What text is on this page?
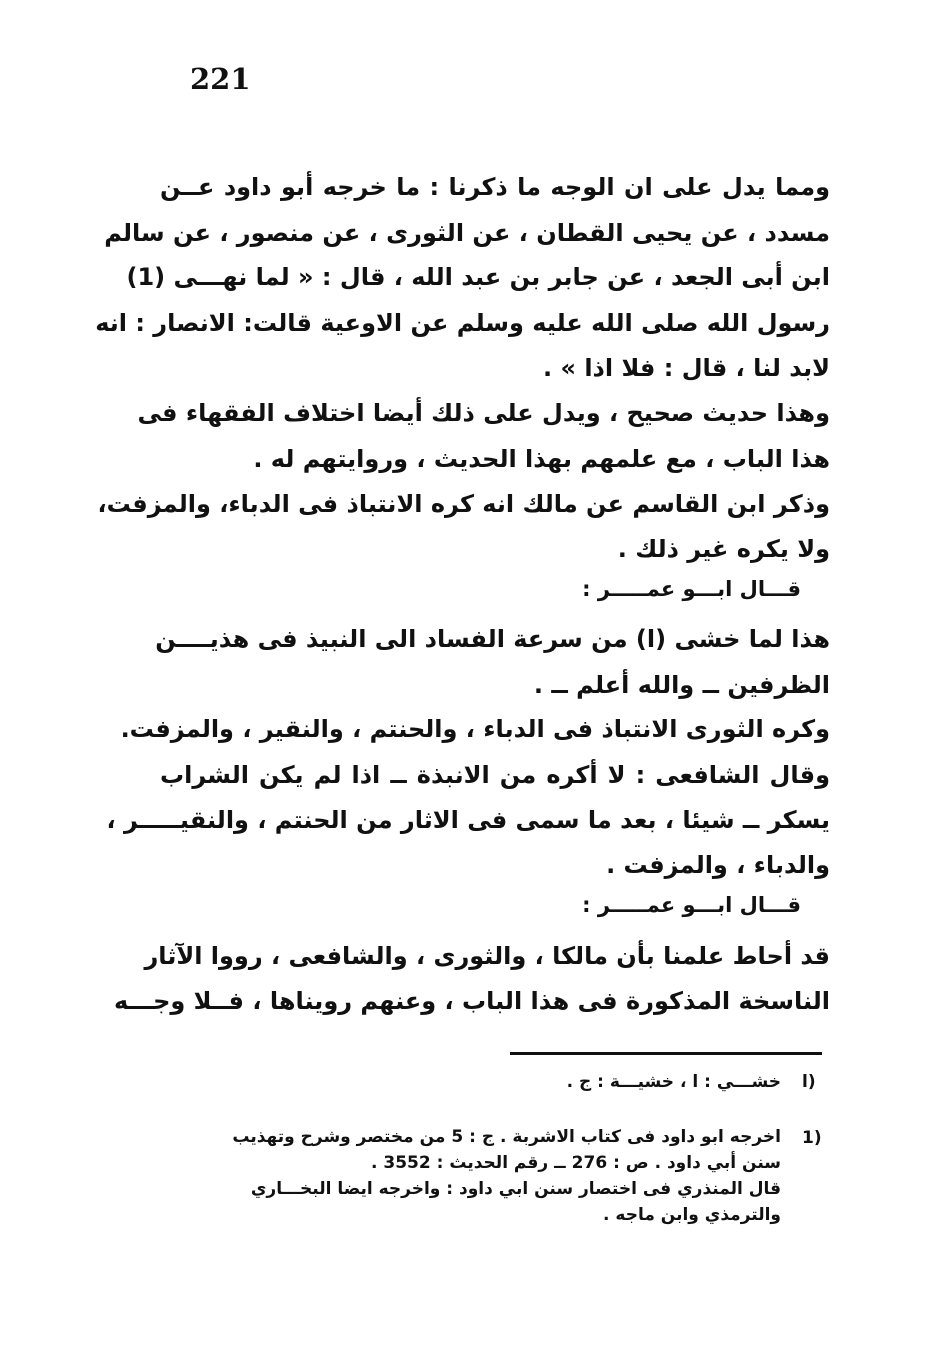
221
ومما يدل على ان الوجه ما ذكرنا : ما خرجه أبو داود عــن
مسدد ، عن يحيى القطان ، عن الثورى ، عن منصور ، عن سالم
ابن أبى الجعد ، عن جابر بن عبد الله ، قال : « لما نهـــى (1)
رسول الله صلى الله عليه وسلم عن الاوعية قالت: الانصار : انه
لابد لنا ، قال : فلا اذا » .
وهذا حديث صحيح ، ويدل على ذلك أيضا اختلاف الفقهاء فى
هذا الباب ، مع علمهم بهذا الحديث ، وروايتهم له .
وذكر ابن القاسم عن مالك انه كره الانتباذ فى الدباء، والمزفت،
ولا يكره غير ذلك .
قـــال ابـــو عمـــــر :
هذا لما خشى (ا) من سرعة الفساد الى النبيذ فى هذيــــن
الظرفين ــ والله أعلم ــ .
وكره الثورى الانتباذ فى الدباء ، والحنتم ، والنقير ، والمزفت.
وقال الشافعى : لا أكره من الانبذة ــ اذا لم يكن الشراب
يسكر ــ شيئا ، بعد ما سمى فى الاثار من الحنتم ، والنقيـــــر ،
والدباء ، والمزفت .
قـــال ابـــو عمـــــر :
قد أحاط علمنا بأن مالكا ، والثورى ، والشافعى ، رووا الآثار
الناسخة المذكورة فى هذا الباب ، وعنهم رويناها ، فــلا وجـــه
ا)
خشـــي : ا ، خشيـــة : ج .
1)
اخرجه ابو داود فى كتاب الاشربة . ج : 5 من مختصر وشرح وتهذيب
سنن أبي داود . ص : 276 ــ رقم الحديث : 3552 .
قال المنذري فى اختصار سنن ابي داود : واخرجه ايضا البخـــاري
والترمذي وابن ماجه .
